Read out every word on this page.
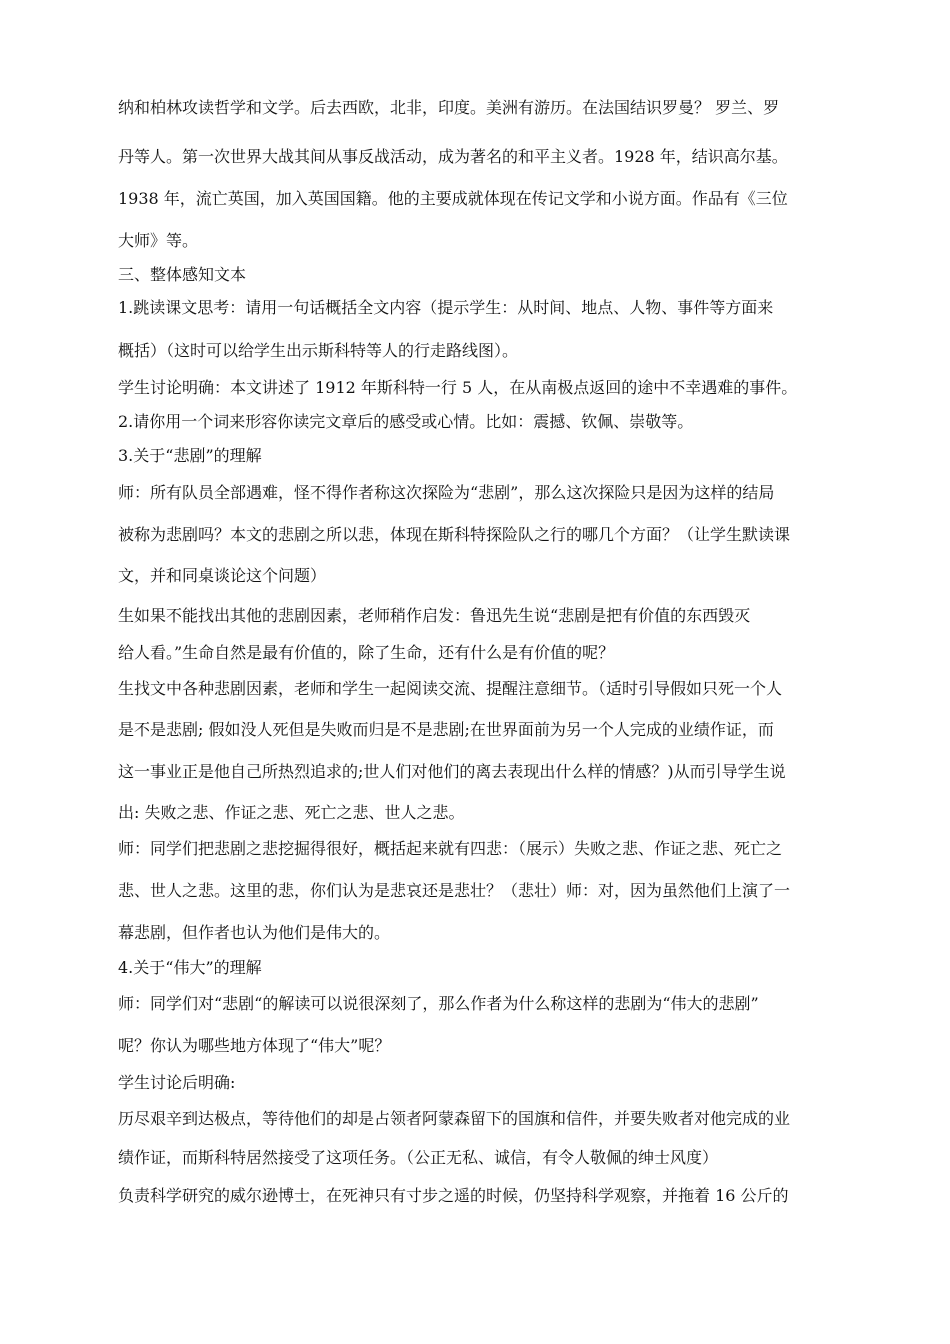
纳和柏林攻读哲学和文学。后去西欧，北非，印度。美洲有游历。在法国结识罗曼？ 罗兰、罗
丹等人。第一次世界大战其间从事反战活动，成为著名的和平主义者。1928 年，结识高尔基。
1938 年，流亡英国，加入英国国籍。他的主要成就体现在传记文学和小说方面。作品有《三位
大师》等。
三、整体感知文本
1.跳读课文思考：请用一句话概括全文内容（提示学生：从时间、地点、人物、事件等方面来
概括）（这时可以给学生出示斯科特等人的行走路线图）。
学生讨论明确：本文讲述了 1912 年斯科特一行 5 人，在从南极点返回的途中不幸遇难的事件。
2.请你用一个词来形容你读完文章后的感受或心情。比如：震撼、钦佩、崇敬等。
3.关于“悲剧”的理解
师：所有队员全部遇难，怪不得作者称这次探险为“悲剧”，那么这次探险只是因为这样的结局
被称为悲剧吗？本文的悲剧之所以悲，体现在斯科特探险队之行的哪几个方面？（让学生默读课
文，并和同桌谈论这个问题）
生如果不能找出其他的悲剧因素，老师稍作启发：鲁迅先生说“悲剧是把有价值的东西毁灭
给人看。”生命自然是最有价值的，除了生命，还有什么是有价值的呢？
生找文中各种悲剧因素，老师和学生一起阅读交流、提醒注意细节。（适时引导假如只死一个人
是不是悲剧; 假如没人死但是失败而归是不是悲剧;在世界面前为另一个人完成的业绩作证，而
这一事业正是他自己所热烈追求的;世人们对他们的离去表现出什么样的情感？)从而引导学生说
出: 失败之悲、作证之悲、死亡之悲、世人之悲。
师：同学们把悲剧之悲挖掘得很好，概括起来就有四悲：（展示）失败之悲、作证之悲、死亡之
悲、世人之悲。这里的悲，你们认为是悲哀还是悲壮？（悲壮）师：对，因为虽然他们上演了一
幕悲剧，但作者也认为他们是伟大的。
4.关于“伟大”的理解
师：同学们对“悲剧“的解读可以说很深刻了，那么作者为什么称这样的悲剧为“伟大的悲剧”
呢？你认为哪些地方体现了“伟大”呢？
学生讨论后明确:
历尽艰辛到达极点，等待他们的却是占领者阿蒙森留下的国旗和信件，并要失败者对他完成的业
绩作证，而斯科特居然接受了这项任务。（公正无私、诚信，有令人敬佩的绅士风度）
负责科学研究的威尔逊博士，在死神只有寸步之遥的时候，仍坚持科学观察，并拖着 16 公斤的
